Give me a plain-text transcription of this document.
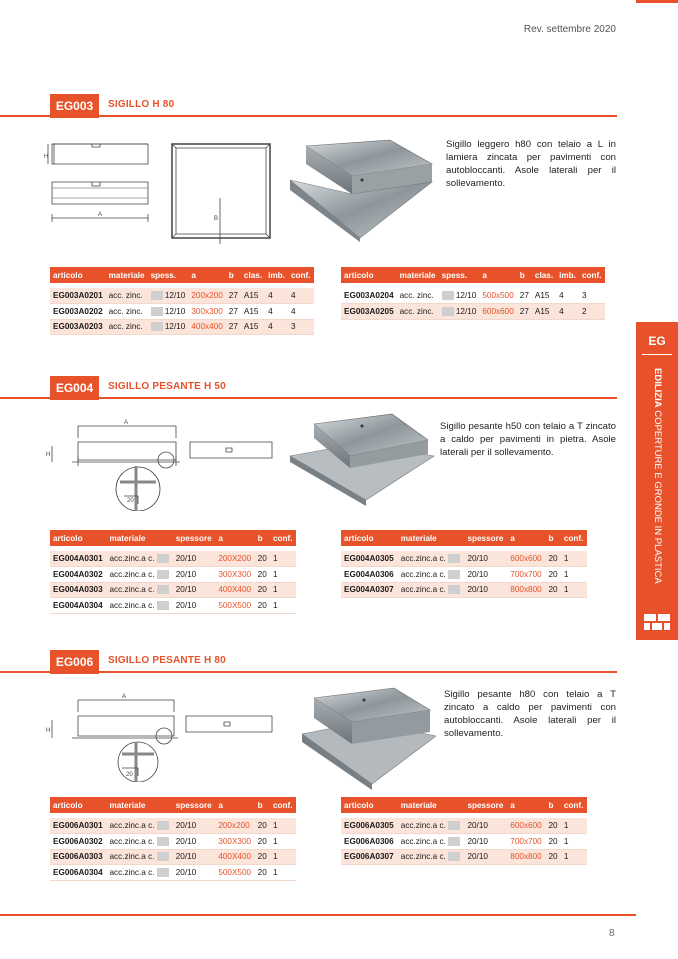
Rev. settembre 2020
EG003	SIGILLO H 80
H
A
B
Sigillo leggero h80 con telaio a L in lamiera zincata per pavimenti con autobloccanti. Asole laterali per il sollevamento.
articolo	materiale	spess.	a	b	clas.	imb.	conf.

EG003A0201	acc. zinc.	12/10	200x200	27	A15	4	4
EG003A0202	acc. zinc.	12/10	300x300	27	A15	4	4
EG003A0203	acc. zinc.	12/10	400x400	27	A15	4	3
articolo	materiale	spess.	a	b	clas.	imb.	conf.

EG003A0204	acc. zinc.	12/10	500x500	27	A15	4	3
EG003A0205	acc. zinc.	12/10	600x600	27	A15	4	2
EG004	SIGILLO PESANTE H 50
H
A
20
Sigillo pesante h50 con telaio a T zincato a caldo per pavimenti in pietra. Asole laterali per il sollevamento.
articolo	materiale	spessore	a	b	conf.

EG004A0301	acc.zinc.a c.	20/10	200X200	20	1
EG004A0302	acc.zinc.a c.	20/10	300X300	20	1
EG004A0303	acc.zinc.a c.	20/10	400X400	20	1
EG004A0304	acc.zinc.a c.	20/10	500X500	20	1
articolo	materiale	spessore	a	b	conf.

EG004A0305	acc.zinc.a c.	20/10	600x600	20	1
EG004A0306	acc.zinc.a c.	20/10	700x700	20	1
EG004A0307	acc.zinc.a c.	20/10	800x800	20	1
EG006	SIGILLO PESANTE H 80
H
A
20
Sigillo pesante h80 con telaio a T zincato a caldo per pavimenti con autobloccanti. Asole laterali per il sollevamento.
articolo	materiale	spessore	a	b	conf.

EG006A0301	acc.zinc.a c.	20/10	200x200	20	1
EG006A0302	acc.zinc.a c.	20/10	300X300	20	1
EG006A0303	acc.zinc.a c.	20/10	400X400	20	1
EG006A0304	acc.zinc.a c.	20/10	500X500	20	1
articolo	materiale	spessore	a	b	conf.

EG006A0305	acc.zinc.a c.	20/10	600x600	20	1
EG006A0306	acc.zinc.a c.	20/10	700x700	20	1
EG006A0307	acc.zinc.a c.	20/10	800x800	20	1
EG
EDILIZIA COPERTURE E GRONDE IN PLASTICA
8
